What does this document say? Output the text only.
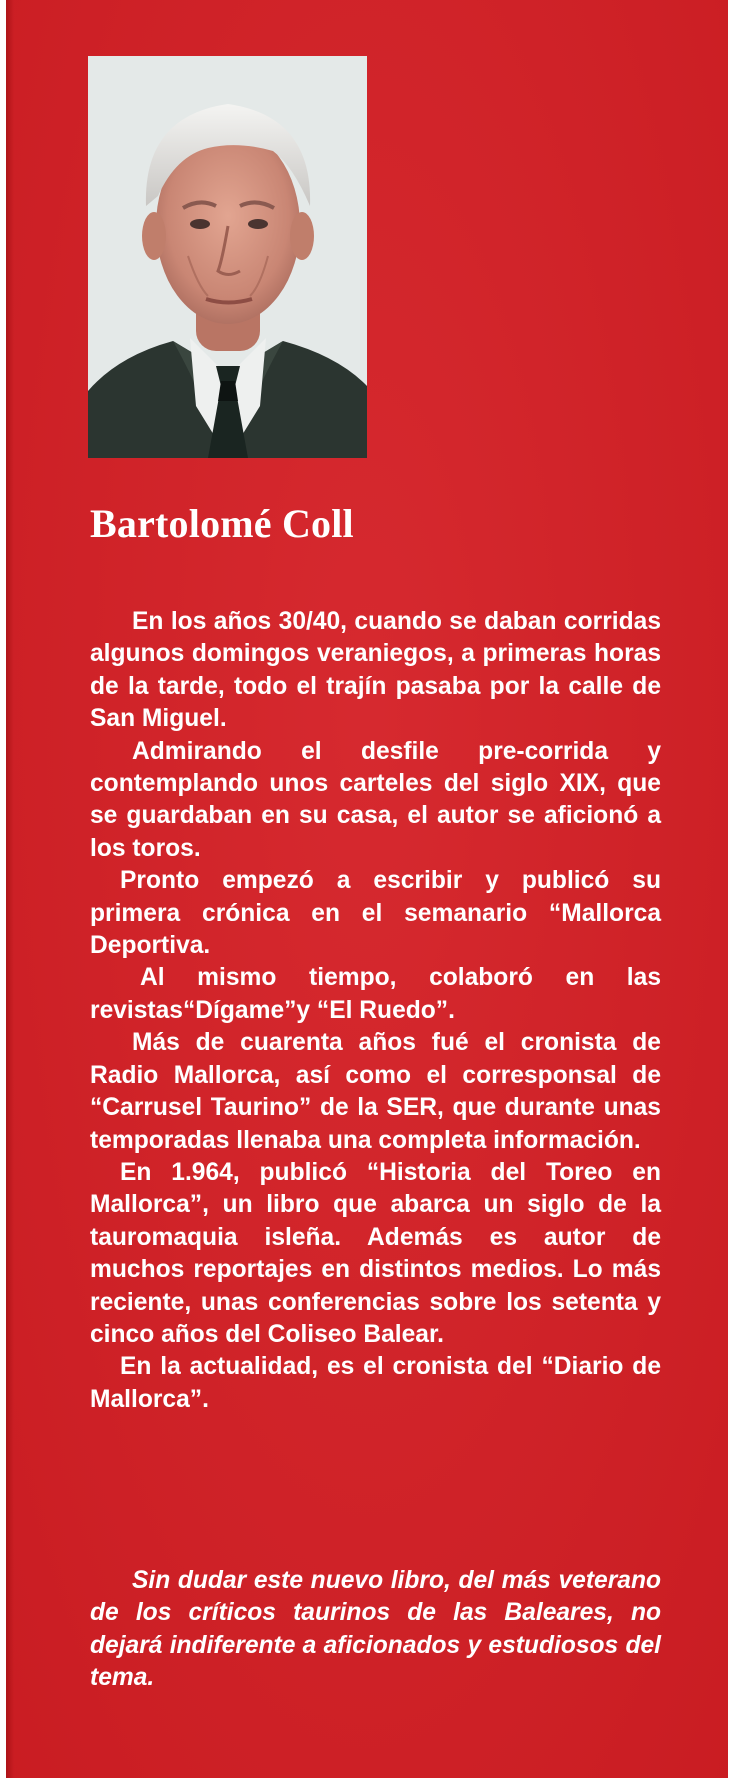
Bartolomé Coll

En los años 30/40, cuando se daban corridas algunos domingos veraniegos, a primeras horas de la tarde, todo el trajín pasaba por la calle de San Miguel.

Admirando el desfile pre-corrida y contemplando unos carteles del siglo XIX, que se guardaban en su casa, el autor se aficionó a los toros.

Pronto empezó a escribir y publicó su primera crónica en el semanario “Mallorca Deportiva.

Al mismo tiempo, colaboró en las revistas“Dígame”y “El Ruedo”.

Más de cuarenta años fué el cronista de Radio Mallorca, así como el corresponsal de “Carrusel Taurino” de la SER, que durante unas temporadas llenaba una completa información.

En 1.964, publicó “Historia del Toreo en Mallorca”, un libro que abarca un siglo de la tauromaquia isleña. Además es autor de muchos reportajes en distintos medios. Lo más reciente, unas conferencias sobre los setenta y cinco años del Coliseo Balear.

En la actualidad, es el cronista del “Diario de Mallorca”.

Sin dudar este nuevo libro, del más veterano de los críticos taurinos de las Baleares, no dejará indiferente a aficionados y estudiosos del tema.
